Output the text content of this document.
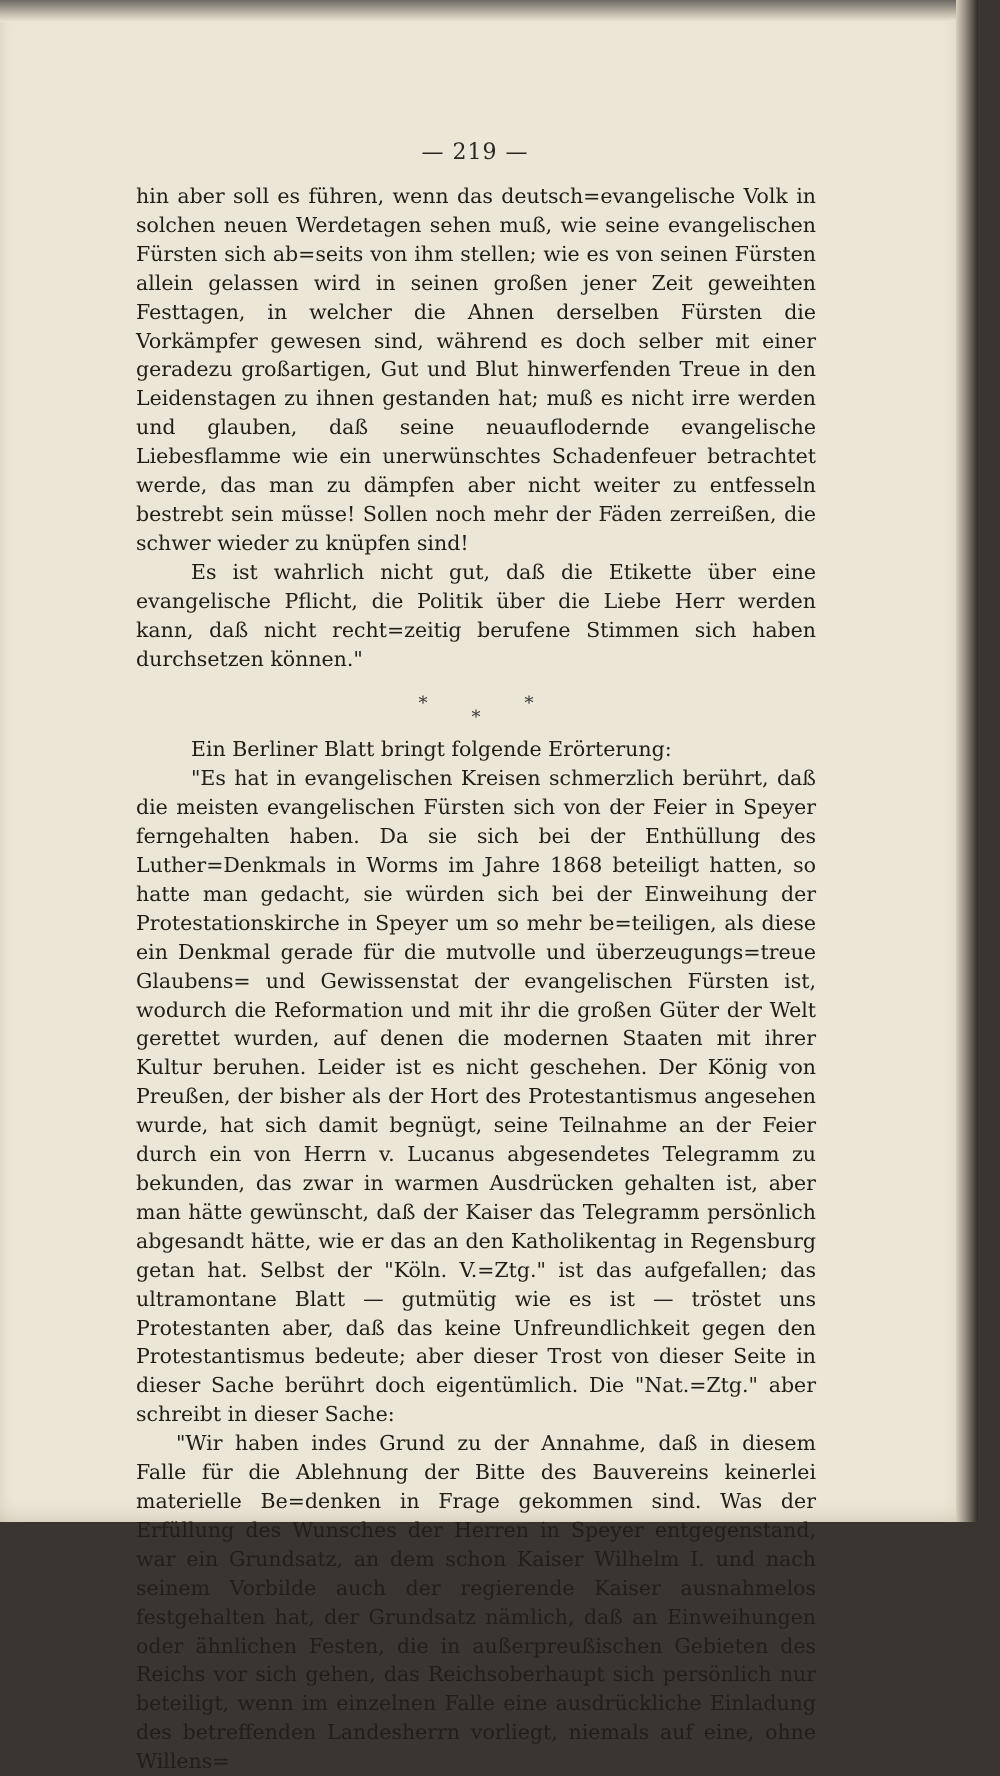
— 219 —

hin aber soll es führen, wenn das deutsch=evangelische Volk in solchen neuen Werdetagen sehen muß, wie seine evangelischen Fürsten sich ab=seits von ihm stellen; wie es von seinen Fürsten allein gelassen wird in seinen großen jener Zeit geweihten Festtagen, in welcher die Ahnen derselben Fürsten die Vorkämpfer gewesen sind, während es doch selber mit einer geradezu großartigen, Gut und Blut hinwerfenden Treue in den Leidenstagen zu ihnen gestanden hat; muß es nicht irre werden und glauben, daß seine neuauflodernde evangelische Liebesflamme wie ein unerwünschtes Schadenfeuer betrachtet werde, das man zu dämpfen aber nicht weiter zu entfesseln bestrebt sein müsse! Sollen noch mehr der Fäden zerreißen, die schwer wieder zu knüpfen sind!

Es ist wahrlich nicht gut, daß die Etikette über eine evangelische Pflicht, die Politik über die Liebe Herr werden kann, daß nicht recht=zeitig berufene Stimmen sich haben durchsetzen können."

*
*
*

Ein Berliner Blatt bringt folgende Erörterung:

"Es hat in evangelischen Kreisen schmerzlich berührt, daß die meisten evangelischen Fürsten sich von der Feier in Speyer ferngehalten haben. Da sie sich bei der Enthüllung des Luther=Denkmals in Worms im Jahre 1868 beteiligt hatten, so hatte man gedacht, sie würden sich bei der Einweihung der Protestationskirche in Speyer um so mehr be=teiligen, als diese ein Denkmal gerade für die mutvolle und überzeugungs=treue Glaubens= und Gewissenstat der evangelischen Fürsten ist, wodurch die Reformation und mit ihr die großen Güter der Welt gerettet wurden, auf denen die modernen Staaten mit ihrer Kultur beruhen. Leider ist es nicht geschehen. Der König von Preußen, der bisher als der Hort des Protestantismus angesehen wurde, hat sich damit begnügt, seine Teilnahme an der Feier durch ein von Herrn v. Lucanus abgesendetes Telegramm zu bekunden, das zwar in warmen Ausdrücken gehalten ist, aber man hätte gewünscht, daß der Kaiser das Telegramm persönlich abgesandt hätte, wie er das an den Katholikentag in Regensburg getan hat. Selbst der "Köln. V.=Ztg." ist das aufgefallen; das ultramontane Blatt — gutmütig wie es ist — tröstet uns Protestanten aber, daß das keine Unfreundlichkeit gegen den Protestantismus bedeute; aber dieser Trost von dieser Seite in dieser Sache berührt doch eigentümlich. Die "Nat.=Ztg." aber schreibt in dieser Sache:

"Wir haben indes Grund zu der Annahme, daß in diesem Falle für die Ablehnung der Bitte des Bauvereins keinerlei materielle Be=denken in Frage gekommen sind. Was der Erfüllung des Wunsches der Herren in Speyer entgegenstand, war ein Grundsatz, an dem schon Kaiser Wilhelm I. und nach seinem Vorbilde auch der regierende Kaiser ausnahmelos festgehalten hat, der Grundsatz nämlich, daß an Einweihungen oder ähnlichen Festen, die in außerpreußischen Gebieten des Reichs vor sich gehen, das Reichsoberhaupt sich persönlich nur beteiligt, wenn im einzelnen Falle eine ausdrückliche Einladung des betreffenden Landesherrn vorliegt, niemals auf eine, ohne Willens=
